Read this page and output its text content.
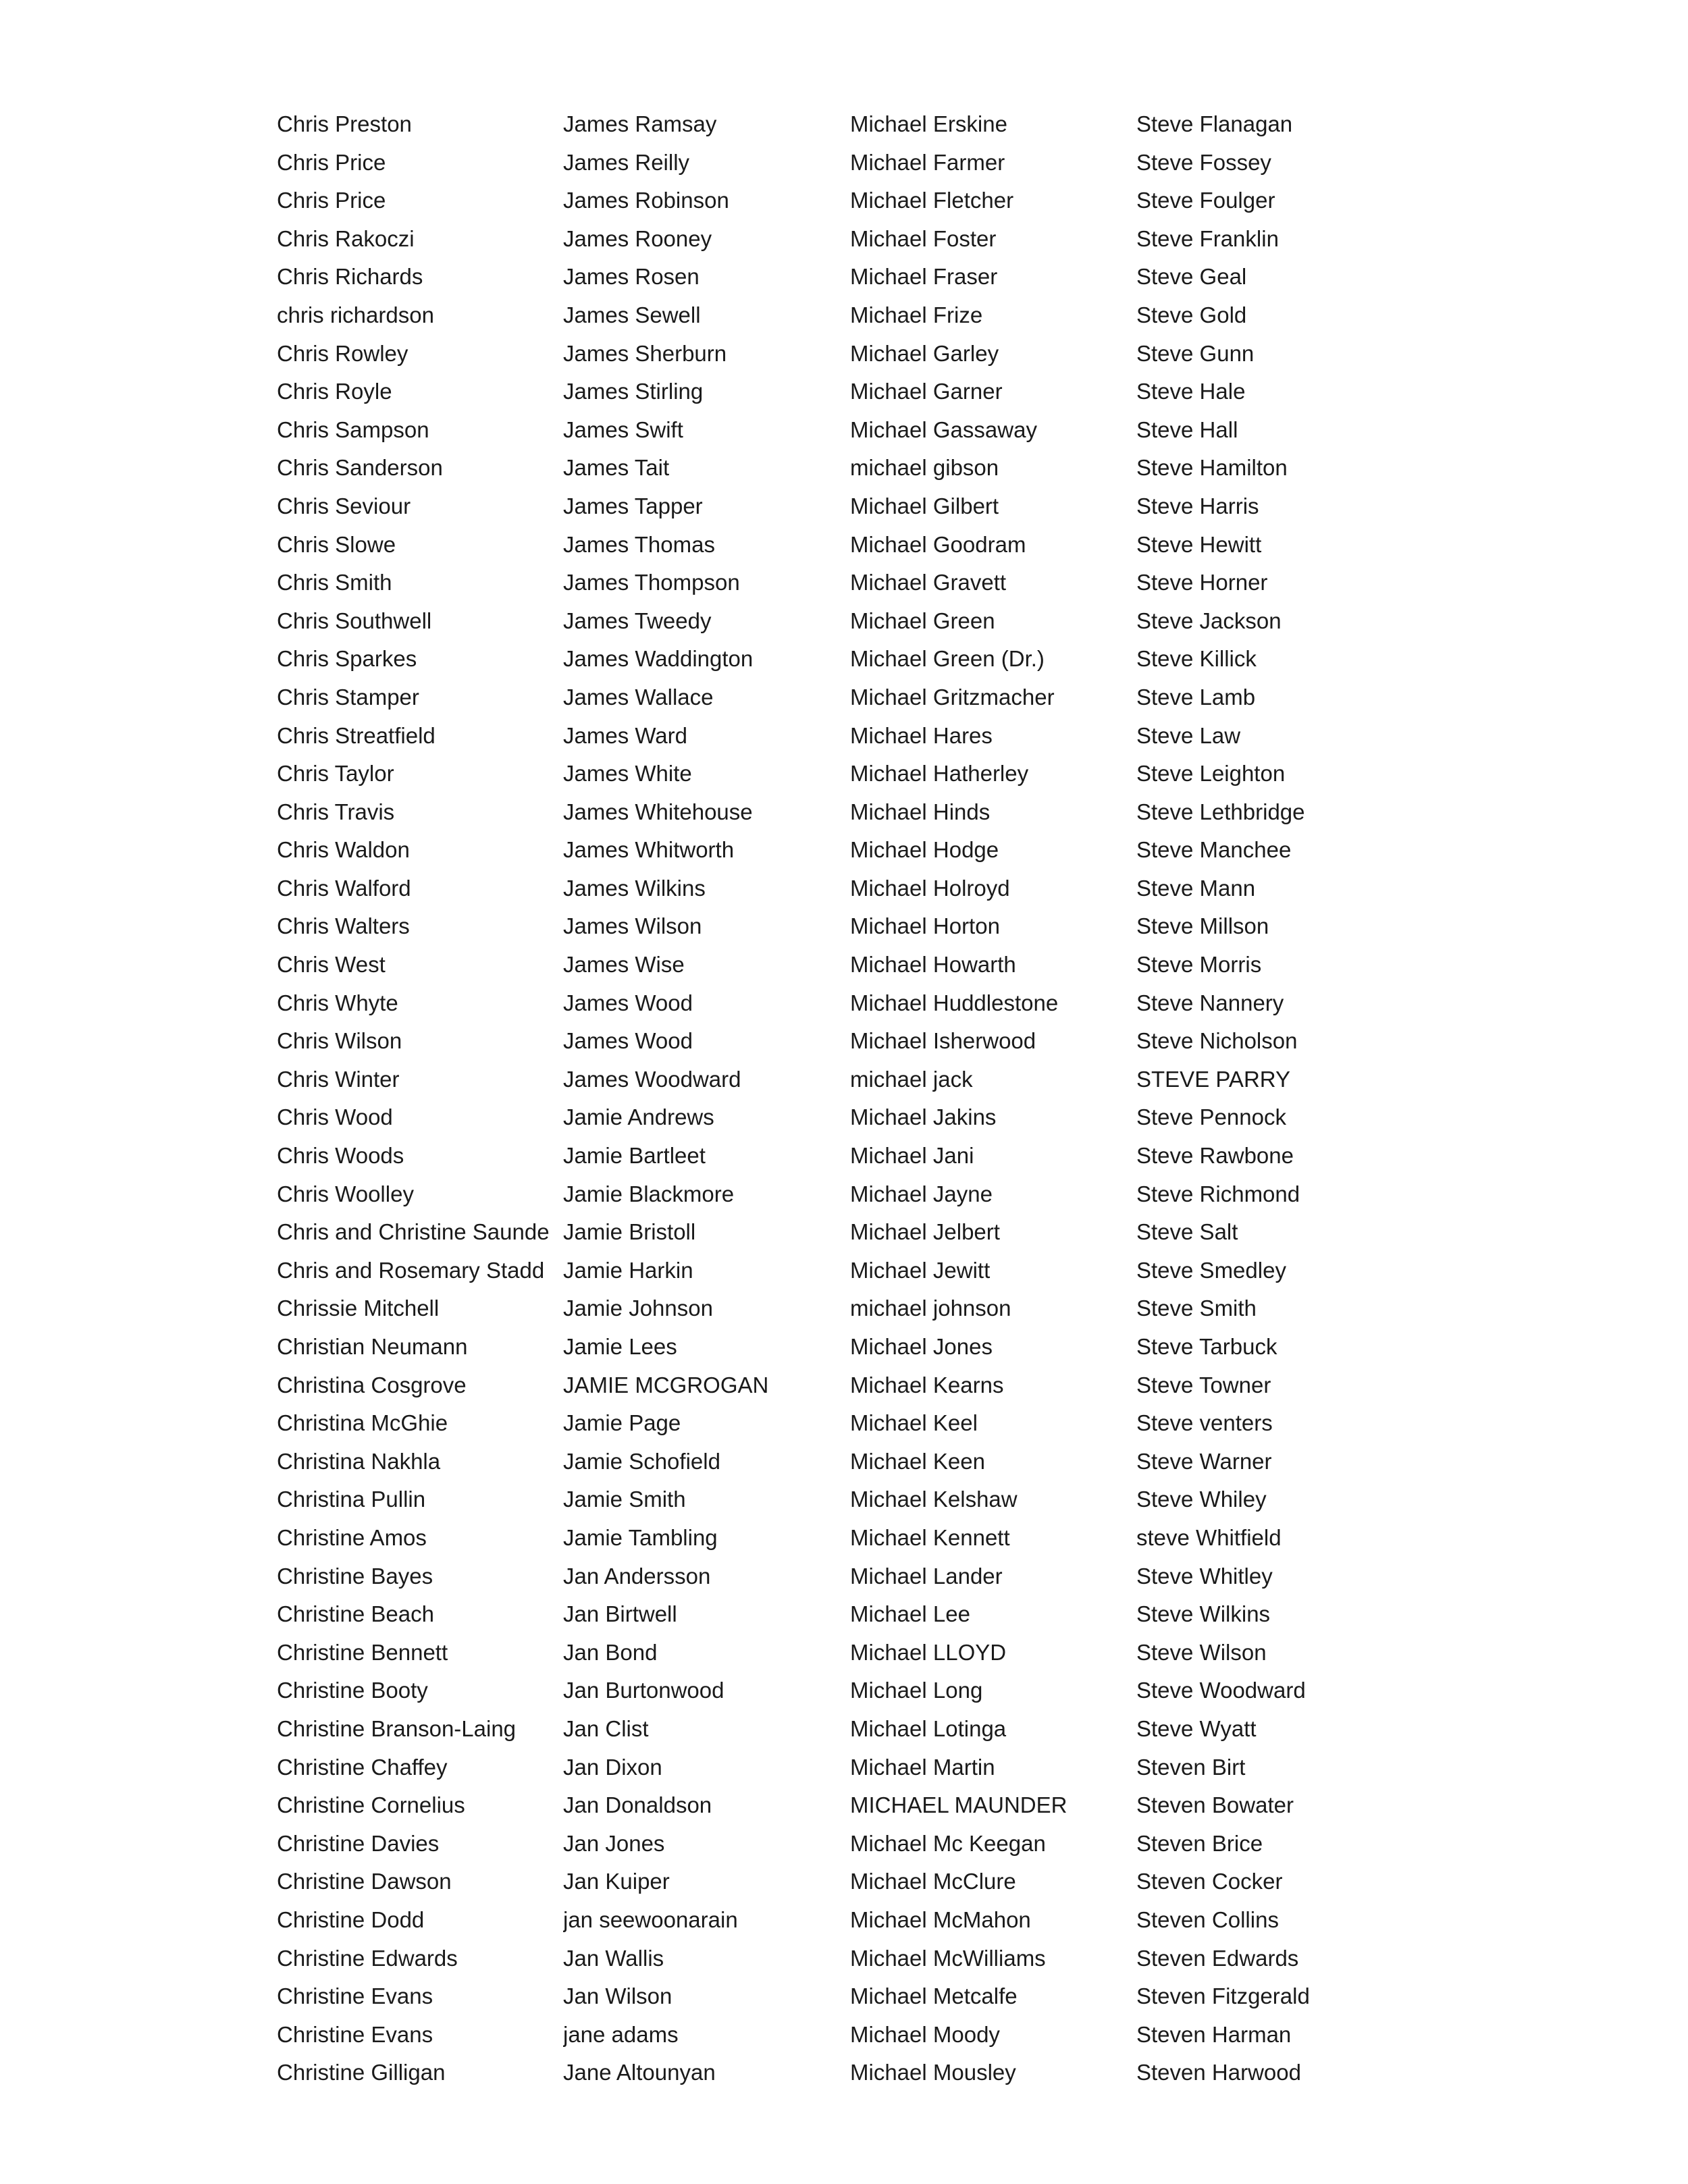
Chris Preston
Chris Price
Chris Price
Chris Rakoczi
Chris Richards
chris richardson
Chris Rowley
Chris Royle
Chris Sampson
Chris Sanderson
Chris Seviour
Chris Slowe
Chris Smith
Chris Southwell
Chris Sparkes
Chris Stamper
Chris Streatfield
Chris Taylor
Chris Travis
Chris Waldon
Chris Walford
Chris Walters
Chris West
Chris Whyte
Chris Wilson
Chris Winter
Chris Wood
Chris Woods
Chris Woolley
Chris and Christine Saunde
Chris and Rosemary Stadd
Chrissie Mitchell
Christian Neumann
Christina Cosgrove
Christina McGhie
Christina Nakhla
Christina Pullin
Christine Amos
Christine Bayes
Christine Beach
Christine Bennett
Christine Booty
Christine Branson-Laing
Christine Chaffey
Christine Cornelius
Christine Davies
Christine Dawson
Christine Dodd
Christine Edwards
Christine Evans
Christine Evans
Christine Gilligan
James Ramsay
James Reilly
James Robinson
James Rooney
James Rosen
James Sewell
James Sherburn
James Stirling
James Swift
James Tait
James Tapper
James Thomas
James Thompson
James Tweedy
James Waddington
James Wallace
James Ward
James White
James Whitehouse
James Whitworth
James Wilkins
James Wilson
James Wise
James Wood
James Wood
James Woodward
Jamie Andrews
Jamie Bartleet
Jamie Blackmore
Jamie Bristoll
Jamie Harkin
Jamie Johnson
Jamie Lees
JAMIE MCGROGAN
Jamie Page
Jamie Schofield
Jamie Smith
Jamie Tambling
Jan Andersson
Jan Birtwell
Jan Bond
Jan Burtonwood
Jan Clist
Jan Dixon
Jan Donaldson
Jan Jones
Jan Kuiper
jan seewoonarain
Jan Wallis
Jan Wilson
jane adams
Jane Altounyan
Michael Erskine
Michael Farmer
Michael Fletcher
Michael Foster
Michael Fraser
Michael Frize
Michael Garley
Michael Garner
Michael Gassaway
michael gibson
Michael Gilbert
Michael Goodram
Michael Gravett
Michael Green
Michael Green (Dr.)
Michael Gritzmacher
Michael Hares
Michael Hatherley
Michael Hinds
Michael Hodge
Michael Holroyd
Michael Horton
Michael Howarth
Michael Huddlestone
Michael Isherwood
michael jack
Michael Jakins
Michael Jani
Michael Jayne
Michael Jelbert
Michael Jewitt
michael johnson
Michael Jones
Michael Kearns
Michael Keel
Michael Keen
Michael Kelshaw
Michael Kennett
Michael Lander
Michael Lee
Michael LLOYD
Michael Long
Michael Lotinga
Michael Martin
MICHAEL MAUNDER
Michael Mc Keegan
Michael McClure
Michael McMahon
Michael McWilliams
Michael Metcalfe
Michael Moody
Michael Mousley
Steve Flanagan
Steve Fossey
Steve Foulger
Steve Franklin
Steve Geal
Steve Gold
Steve Gunn
Steve Hale
Steve Hall
Steve Hamilton
Steve Harris
Steve Hewitt
Steve Horner
Steve Jackson
Steve Killick
Steve Lamb
Steve Law
Steve Leighton
Steve Lethbridge
Steve Manchee
Steve Mann
Steve Millson
Steve Morris
Steve Nannery
Steve Nicholson
STEVE PARRY
Steve Pennock
Steve Rawbone
Steve Richmond
Steve Salt
Steve Smedley
Steve Smith
Steve Tarbuck
Steve Towner
Steve venters
Steve Warner
Steve Whiley
steve Whitfield
Steve Whitley
Steve Wilkins
Steve Wilson
Steve Woodward
Steve Wyatt
Steven Birt
Steven Bowater
Steven Brice
Steven Cocker
Steven Collins
Steven Edwards
Steven Fitzgerald
Steven Harman
Steven Harwood
